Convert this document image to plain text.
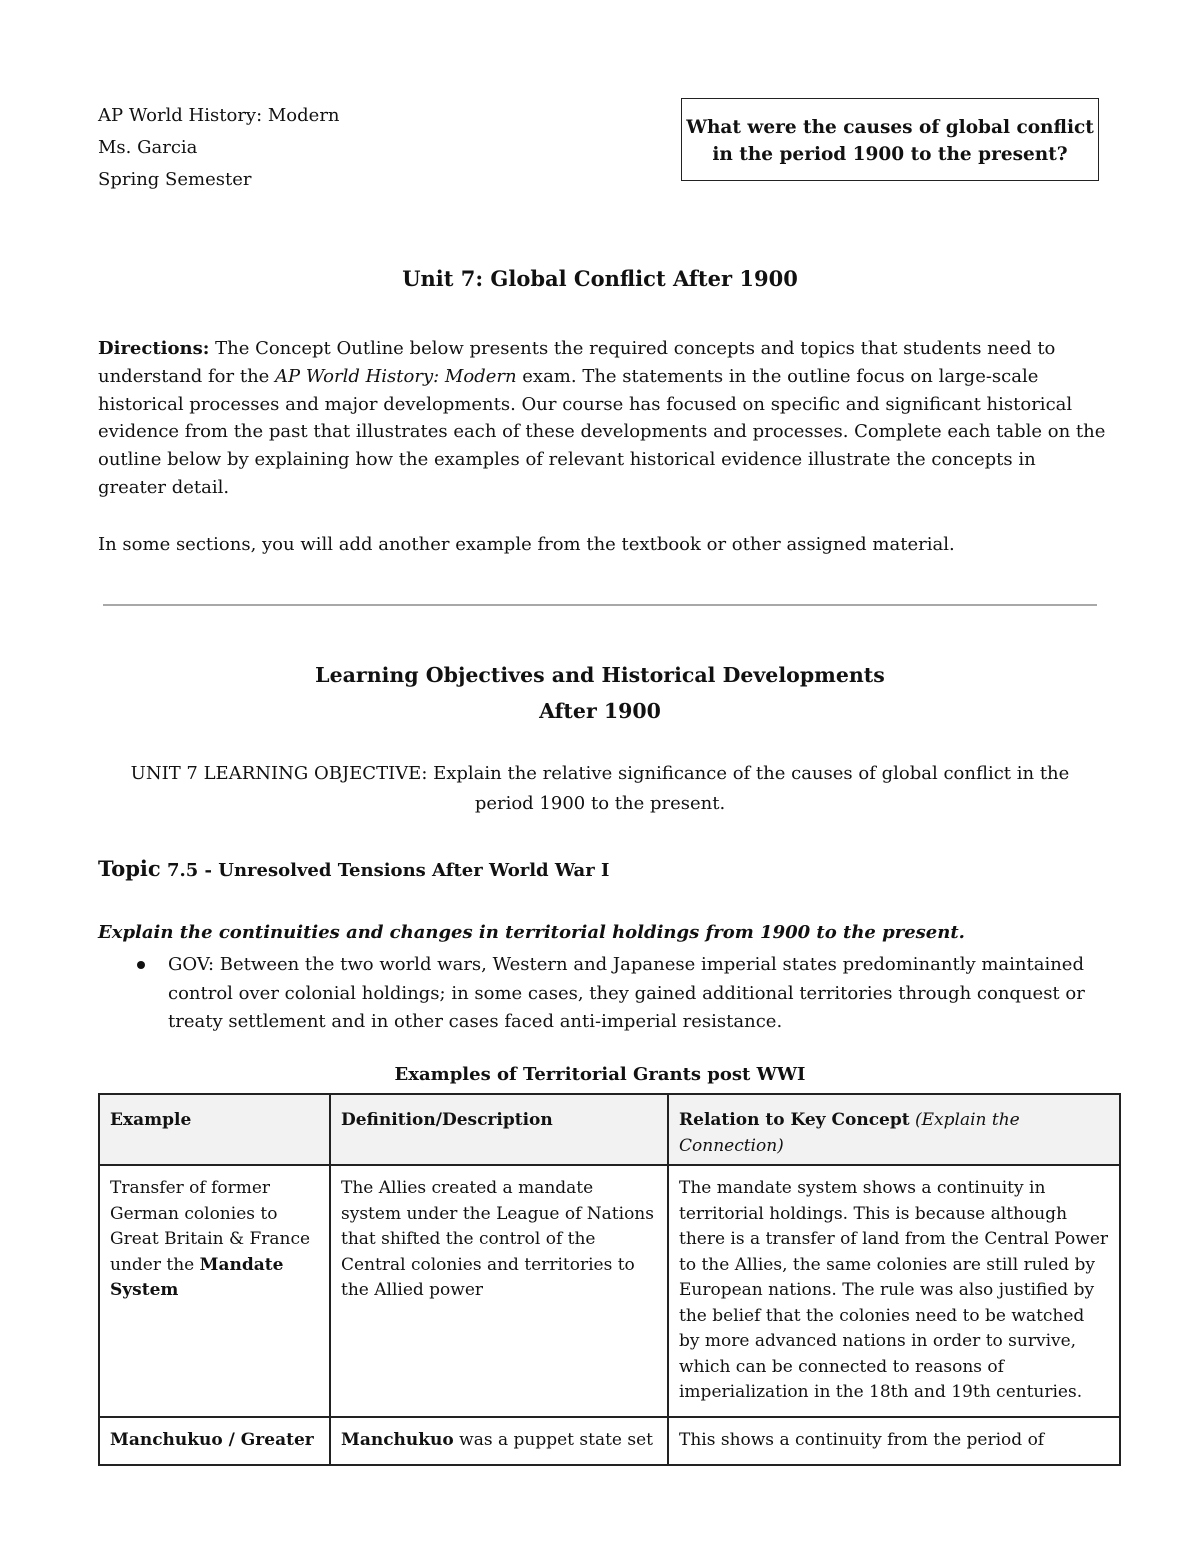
AP World History: Modern
Ms. Garcia
Spring Semester
What were the causes of global conflict
in the period 1900 to the present?
Unit 7: Global Conflict After 1900
Directions: The Concept Outline below presents the required concepts and topics that students need to understand for the AP World History: Modern exam. The statements in the outline focus on large-scale historical processes and major developments. Our course has focused on specific and significant historical evidence from the past that illustrates each of these developments and processes. Complete each table on the outline below by explaining how the examples of relevant historical evidence illustrate the concepts in greater detail.
In some sections, you will add another example from the textbook or other assigned material.
Learning Objectives and Historical Developments
After 1900
UNIT 7 LEARNING OBJECTIVE: Explain the relative significance of the causes of global conflict in the period 1900 to the present.
Topic 7.5 - Unresolved Tensions After World War I
Explain the continuities and changes in territorial holdings from 1900 to the present.
GOV: Between the two world wars, Western and Japanese imperial states predominantly maintained control over colonial holdings; in some cases, they gained additional territories through conquest or treaty settlement and in other cases faced anti-imperial resistance.
Examples of Territorial Grants post WWI
Example	Definition/Description	Relation to Key Concept (Explain the Connection)
Transfer of former German colonies to Great Britain & France under the Mandate System	The Allies created a mandate system under the League of Nations that shifted the control of the Central colonies and territories to the Allied power	The mandate system shows a continuity in territorial holdings. This is because although there is a transfer of land from the Central Power to the Allies, the same colonies are still ruled by European nations. The rule was also justified by the belief that the colonies need to be watched by more advanced nations in order to survive, which can be connected to reasons of imperialization in the 18th and 19th centuries.
Manchukuo / Greater	Manchukuo was a puppet state set	This shows a continuity from the period of
